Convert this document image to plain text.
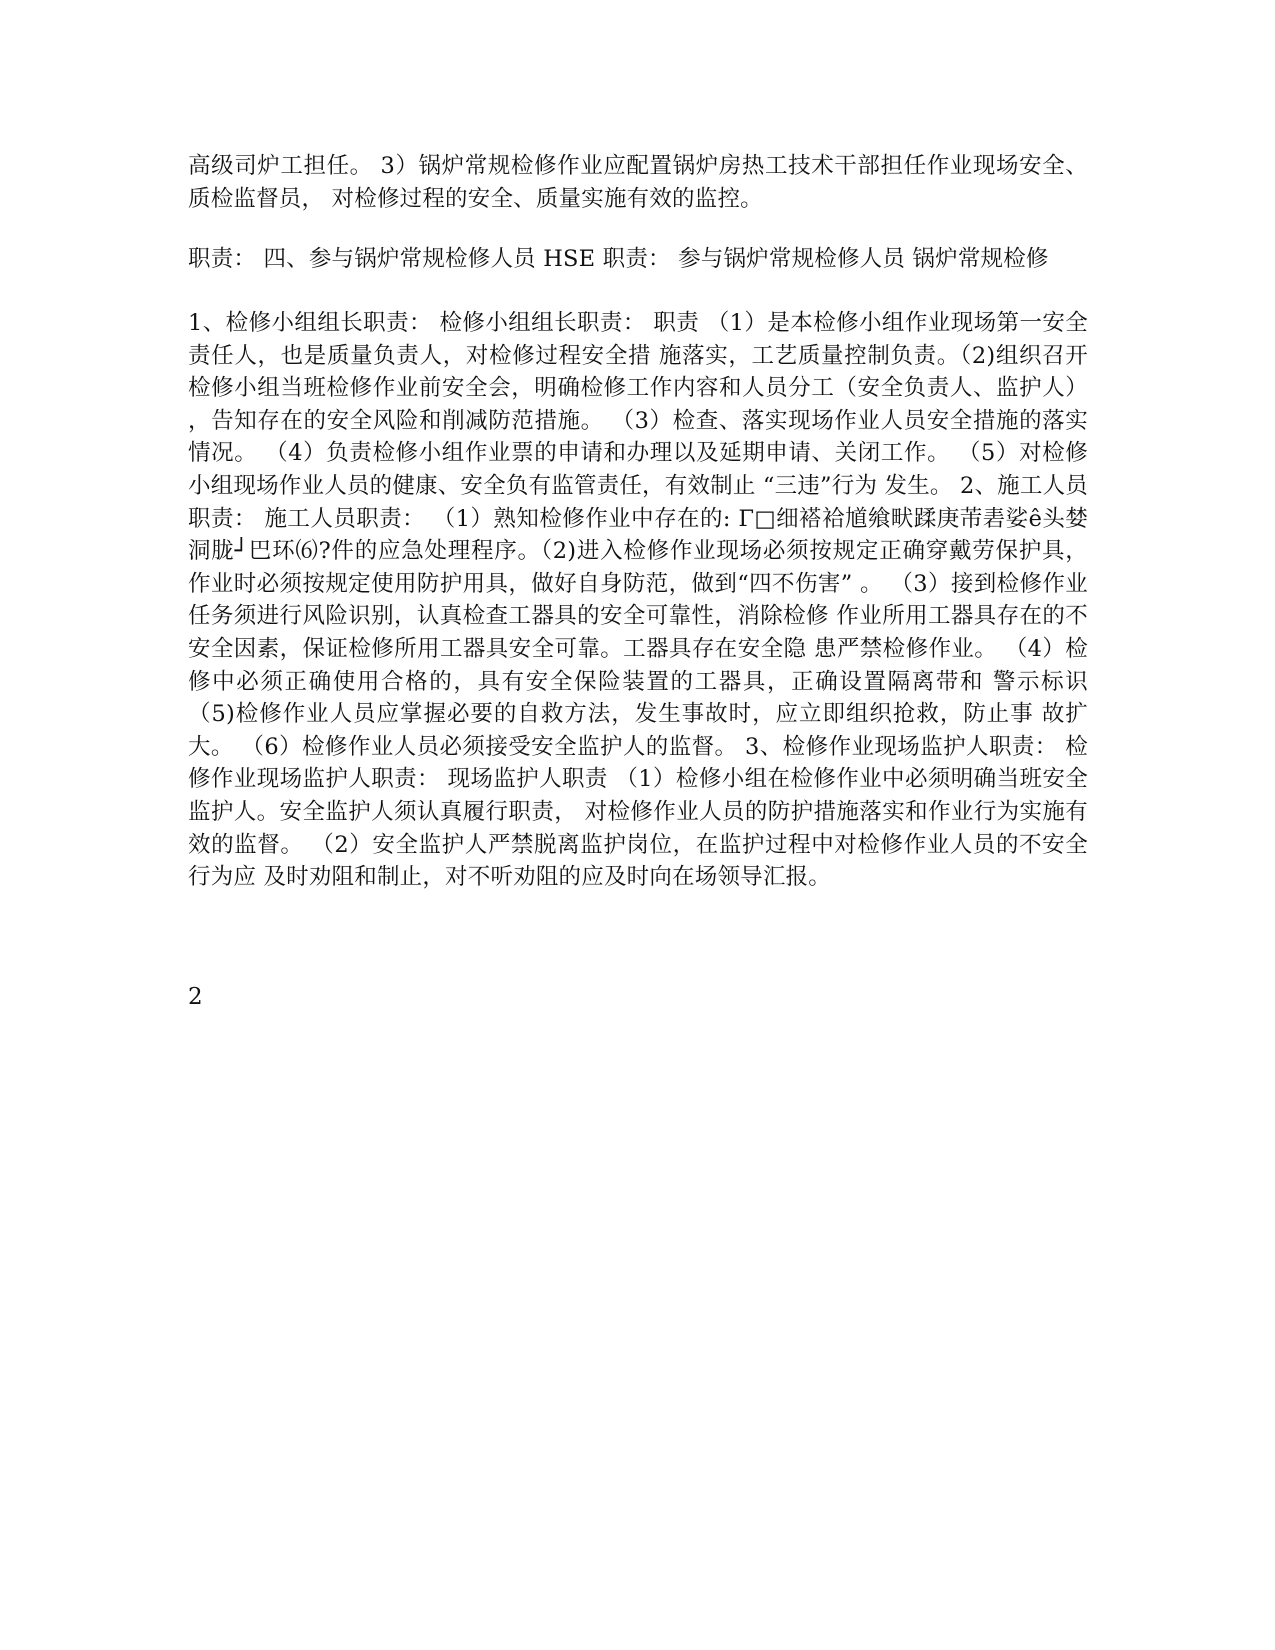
高级司炉工担任。 3）锅炉常规检修作业应配置锅炉房热工技术干部担任作业现场安全、质检监督员， 对检修过程的安全、质量实施有效的监控。

职责： 四、参与锅炉常规检修人员 HSE 职责： 参与锅炉常规检修人员 锅炉常规检修

1、检修小组组长职责： 检修小组组长职责： 职责 （1）是本检修小组作业现场第一安全责任人，也是质量负责人，对检修过程安全措 施落实，工艺质量控制负责。（2)组织召开检修小组当班检修作业前安全会，明确检修工作内容和人员分工（安全负责人、监护人） ，告知存在的安全风险和削减防范措施。 （3）检查、落实现场作业人员安全措施的落实情况。 （4）负责检修小组作业票的申请和办理以及延期申请、关闭工作。 （5）对检修小组现场作业人员的健康、安全负有监管责任，有效制止 “三违”行为 发生。 2、施工人员职责： 施工人员职责： （1）熟知检修作业中存在的: Γ□细褡袷馗飨畎蹂庚芾砉娑ê头婪洞胧┘巴环⑹?件的应急处理程序。（2)进入检修作业现场必须按规定正确穿戴劳保护具，作业时必须按规定使用防护用具，做好自身防范，做到“四不伤害” 。 （3）接到检修作业任务须进行风险识别，认真检查工器具的安全可靠性，消除检修 作业所用工器具存在的不安全因素，保证检修所用工器具安全可靠。工器具存在安全隐 患严禁检修作业。 （4）检修中必须正确使用合格的，具有安全保险装置的工器具，正确设置隔离带和 警示标识 （5)检修作业人员应掌握必要的自救方法，发生事故时，应立即组织抢救，防止事 故扩大。 （6）检修作业人员必须接受安全监护人的监督。 3、检修作业现场监护人职责： 检修作业现场监护人职责： 现场监护人职责 （1）检修小组在检修作业中必须明确当班安全监护人。安全监护人须认真履行职责， 对检修作业人员的防护措施落实和作业行为实施有效的监督。 （2）安全监护人严禁脱离监护岗位，在监护过程中对检修作业人员的不安全行为应 及时劝阻和制止，对不听劝阻的应及时向在场领导汇报。

2
